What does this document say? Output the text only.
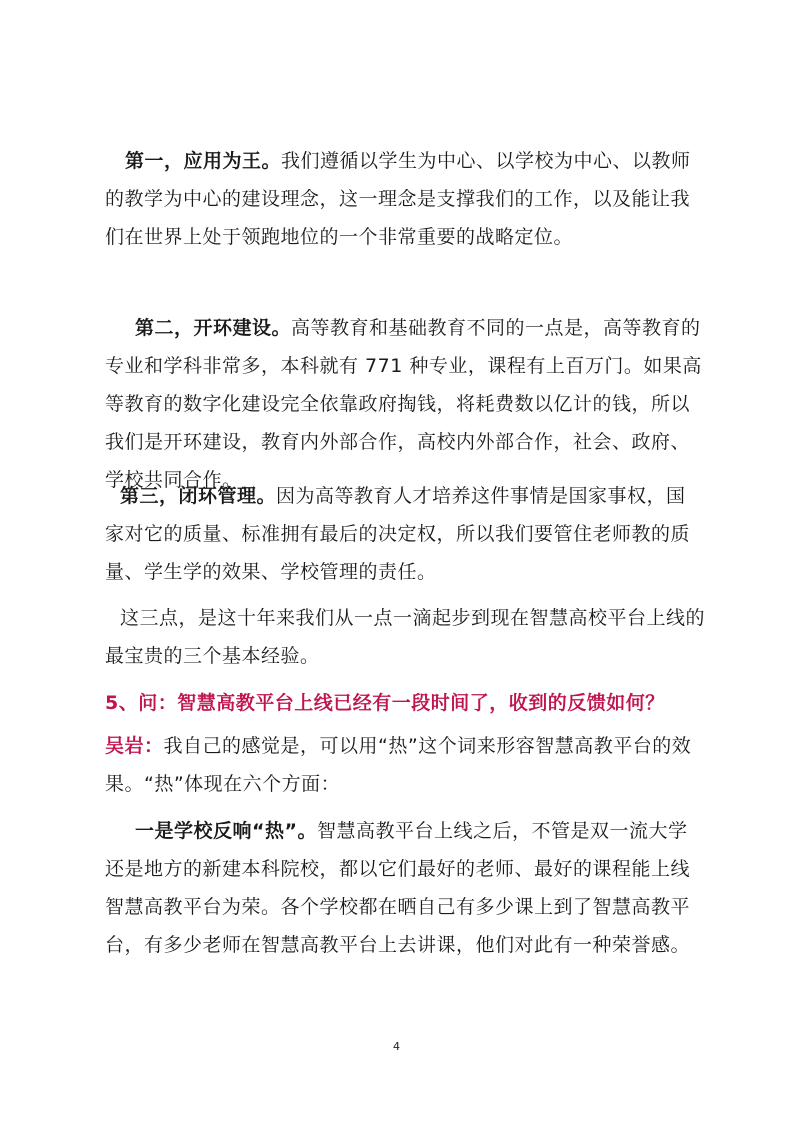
第一，应用为王。我们遵循以学生为中心、以学校为中心、以教师的教学为中心的建设理念，这一理念是支撑我们的工作，以及能让我们在世界上处于领跑地位的一个非常重要的战略定位。

第二，开环建设。高等教育和基础教育不同的一点是，高等教育的专业和学科非常多，本科就有 771 种专业，课程有上百万门。如果高等教育的数字化建设完全依靠政府掏钱，将耗费数以亿计的钱，所以我们是开环建设，教育内外部合作，高校内外部合作，社会、政府、学校共同合作。

第三，闭环管理。因为高等教育人才培养这件事情是国家事权，国家对它的质量、标准拥有最后的决定权，所以我们要管住老师教的质量、学生学的效果、学校管理的责任。

这三点，是这十年来我们从一点一滴起步到现在智慧高校平台上线的最宝贵的三个基本经验。

5、问：智慧高教平台上线已经有一段时间了，收到的反馈如何？

吴岩：我自己的感觉是，可以用“热”这个词来形容智慧高教平台的效果。“热”体现在六个方面：

一是学校反响“热”。智慧高教平台上线之后，不管是双一流大学还是地方的新建本科院校，都以它们最好的老师、最好的课程能上线智慧高教平台为荣。各个学校都在晒自己有多少课上到了智慧高教平台，有多少老师在智慧高教平台上去讲课，他们对此有一种荣誉感。

4
